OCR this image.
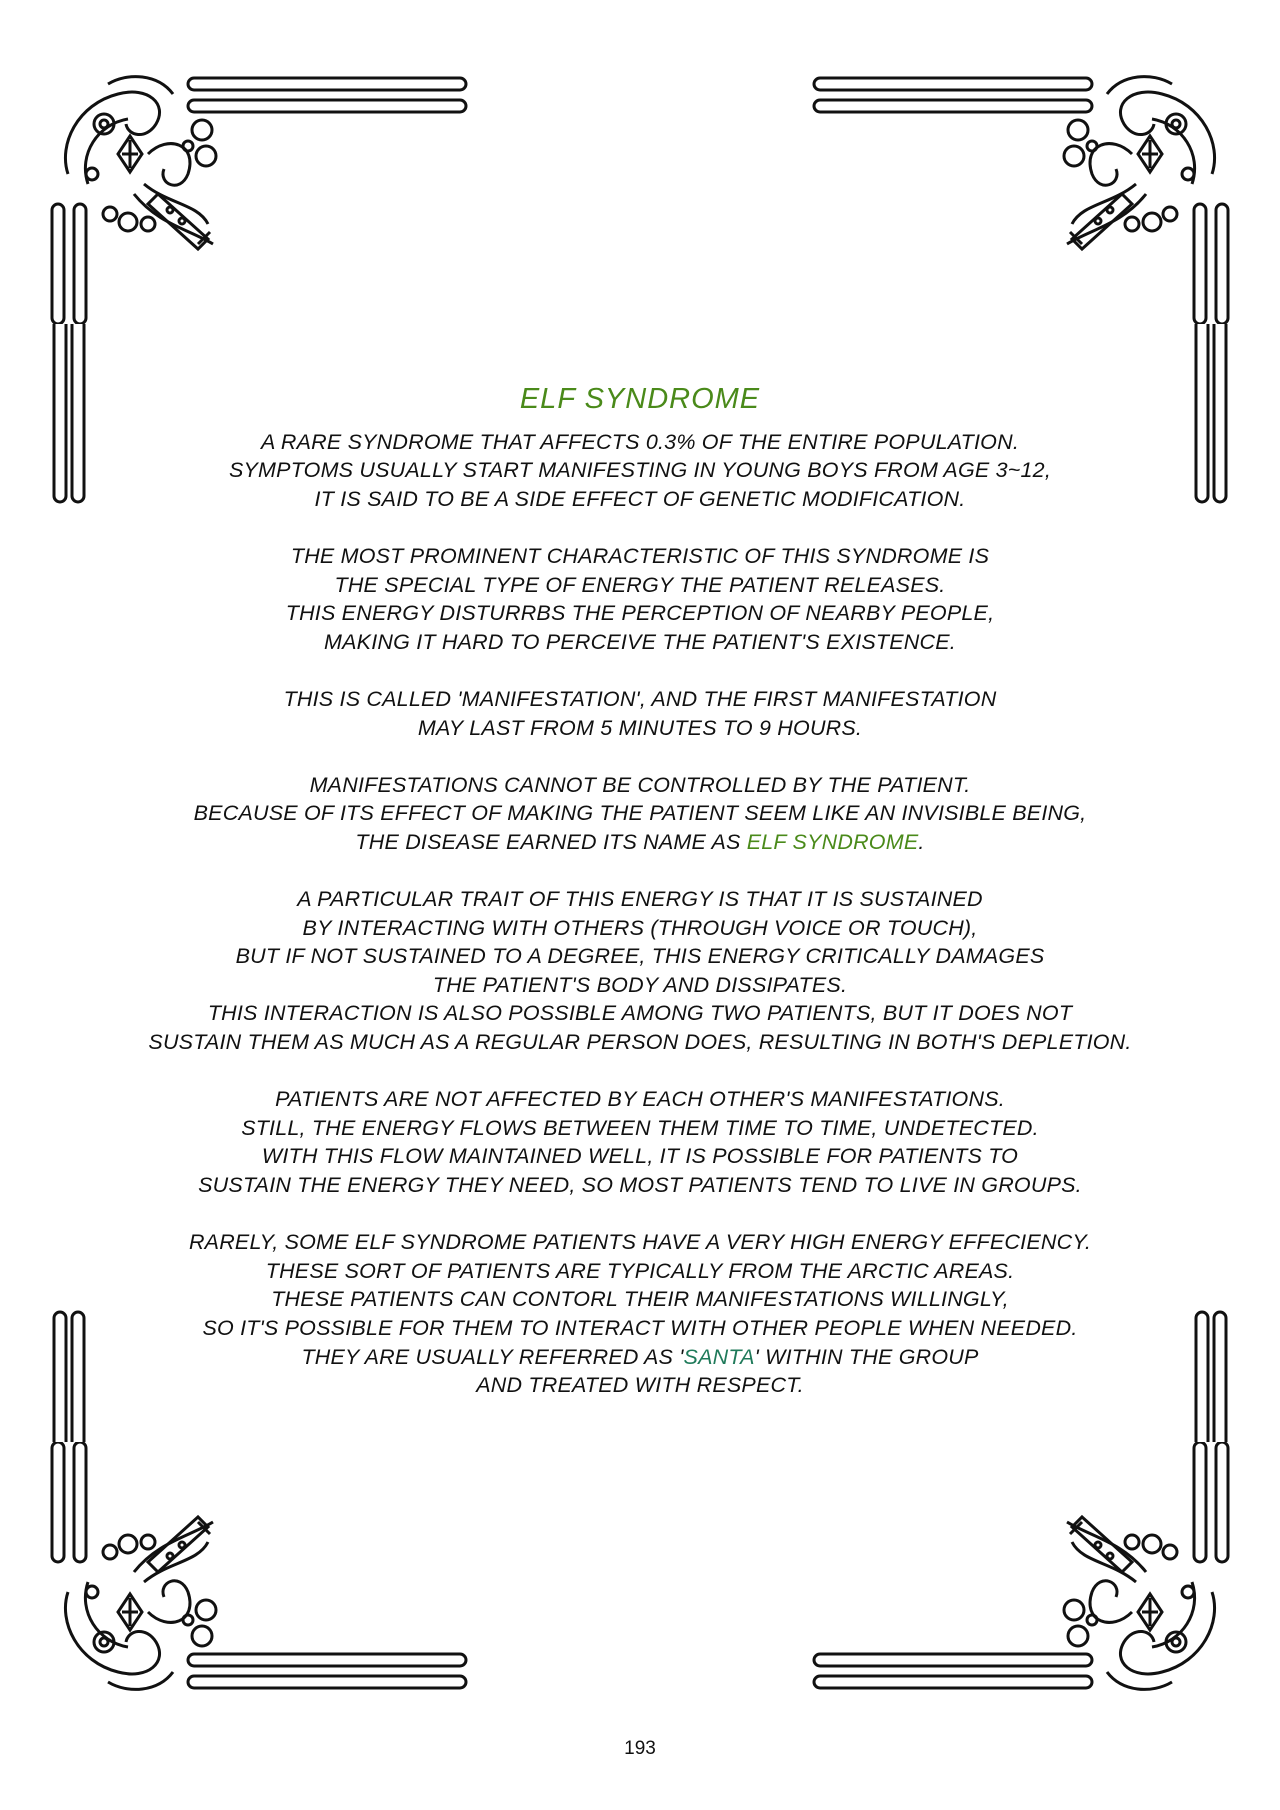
ELF SYNDROME
A RARE SYNDROME THAT AFFECTS 0.3% OF THE ENTIRE POPULATION.
SYMPTOMS USUALLY START MANIFESTING IN YOUNG BOYS FROM AGE 3~12,
IT IS SAID TO BE A SIDE EFFECT OF GENETIC MODIFICATION.
THE MOST PROMINENT CHARACTERISTIC OF THIS SYNDROME IS
THE SPECIAL TYPE OF ENERGY THE PATIENT RELEASES.
THIS ENERGY DISTURRBS THE PERCEPTION OF NEARBY PEOPLE,
MAKING IT HARD TO PERCEIVE THE PATIENT'S EXISTENCE.
THIS IS CALLED 'MANIFESTATION', AND THE FIRST MANIFESTATION
MAY LAST FROM 5 MINUTES TO 9 HOURS.
MANIFESTATIONS CANNOT BE CONTROLLED BY THE PATIENT.
BECAUSE OF ITS EFFECT OF MAKING THE PATIENT SEEM LIKE AN INVISIBLE BEING,
THE DISEASE EARNED ITS NAME AS ELF SYNDROME.
A PARTICULAR TRAIT OF THIS ENERGY IS THAT IT IS SUSTAINED
BY INTERACTING WITH OTHERS (THROUGH VOICE OR TOUCH),
BUT IF NOT SUSTAINED TO A DEGREE, THIS ENERGY CRITICALLY DAMAGES
THE PATIENT'S BODY AND DISSIPATES.
THIS INTERACTION IS ALSO POSSIBLE AMONG TWO PATIENTS, BUT IT DOES NOT
SUSTAIN THEM AS MUCH AS A REGULAR PERSON DOES, RESULTING IN BOTH'S DEPLETION.
PATIENTS ARE NOT AFFECTED BY EACH OTHER'S MANIFESTATIONS.
STILL, THE ENERGY FLOWS BETWEEN THEM TIME TO TIME, UNDETECTED.
WITH THIS FLOW MAINTAINED WELL, IT IS POSSIBLE FOR PATIENTS TO
SUSTAIN THE ENERGY THEY NEED, SO MOST PATIENTS TEND TO LIVE IN GROUPS.
RARELY, SOME ELF SYNDROME PATIENTS HAVE A VERY HIGH ENERGY EFFECIENCY.
THESE SORT OF PATIENTS ARE TYPICALLY FROM THE ARCTIC AREAS.
THESE PATIENTS CAN CONTORL THEIR MANIFESTATIONS WILLINGLY,
SO IT'S POSSIBLE FOR THEM TO INTERACT WITH OTHER PEOPLE WHEN NEEDED.
THEY ARE USUALLY REFERRED AS 'SANTA' WITHIN THE GROUP
AND TREATED WITH RESPECT.
193
